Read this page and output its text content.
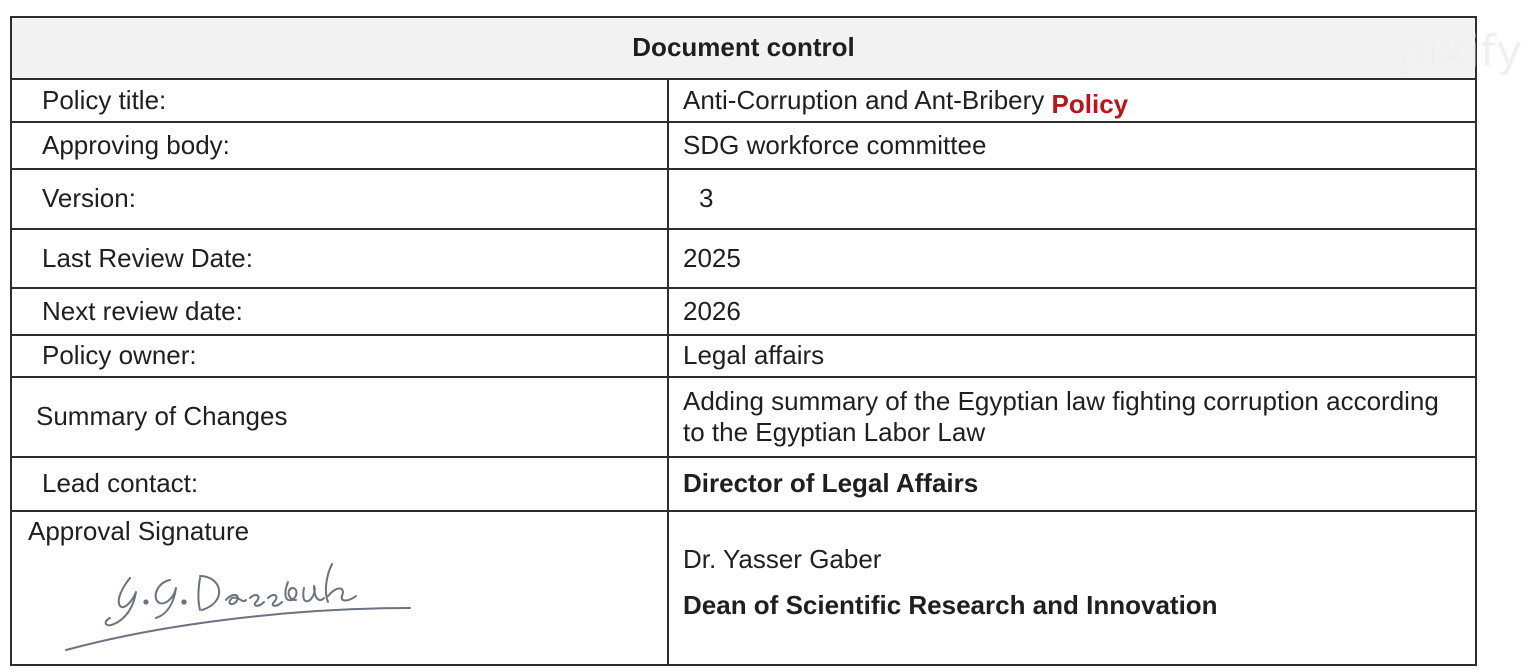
Document control	
Policy title:	Anti-Corruption and Ant-Bribery Policy
Approving body:	SDG workforce committee
Version:	3
Last Review Date:	2025
Next review date:	2026
Policy owner:	Legal affairs
Summary of Changes	Adding summary of the Egyptian law fighting corruption according to the Egyptian Labor Law
Lead contact:	Director of Legal Affairs

Approval Signature	Dr. Yasser Gaber
Dean of Scientific Research and Innovation
pixify
